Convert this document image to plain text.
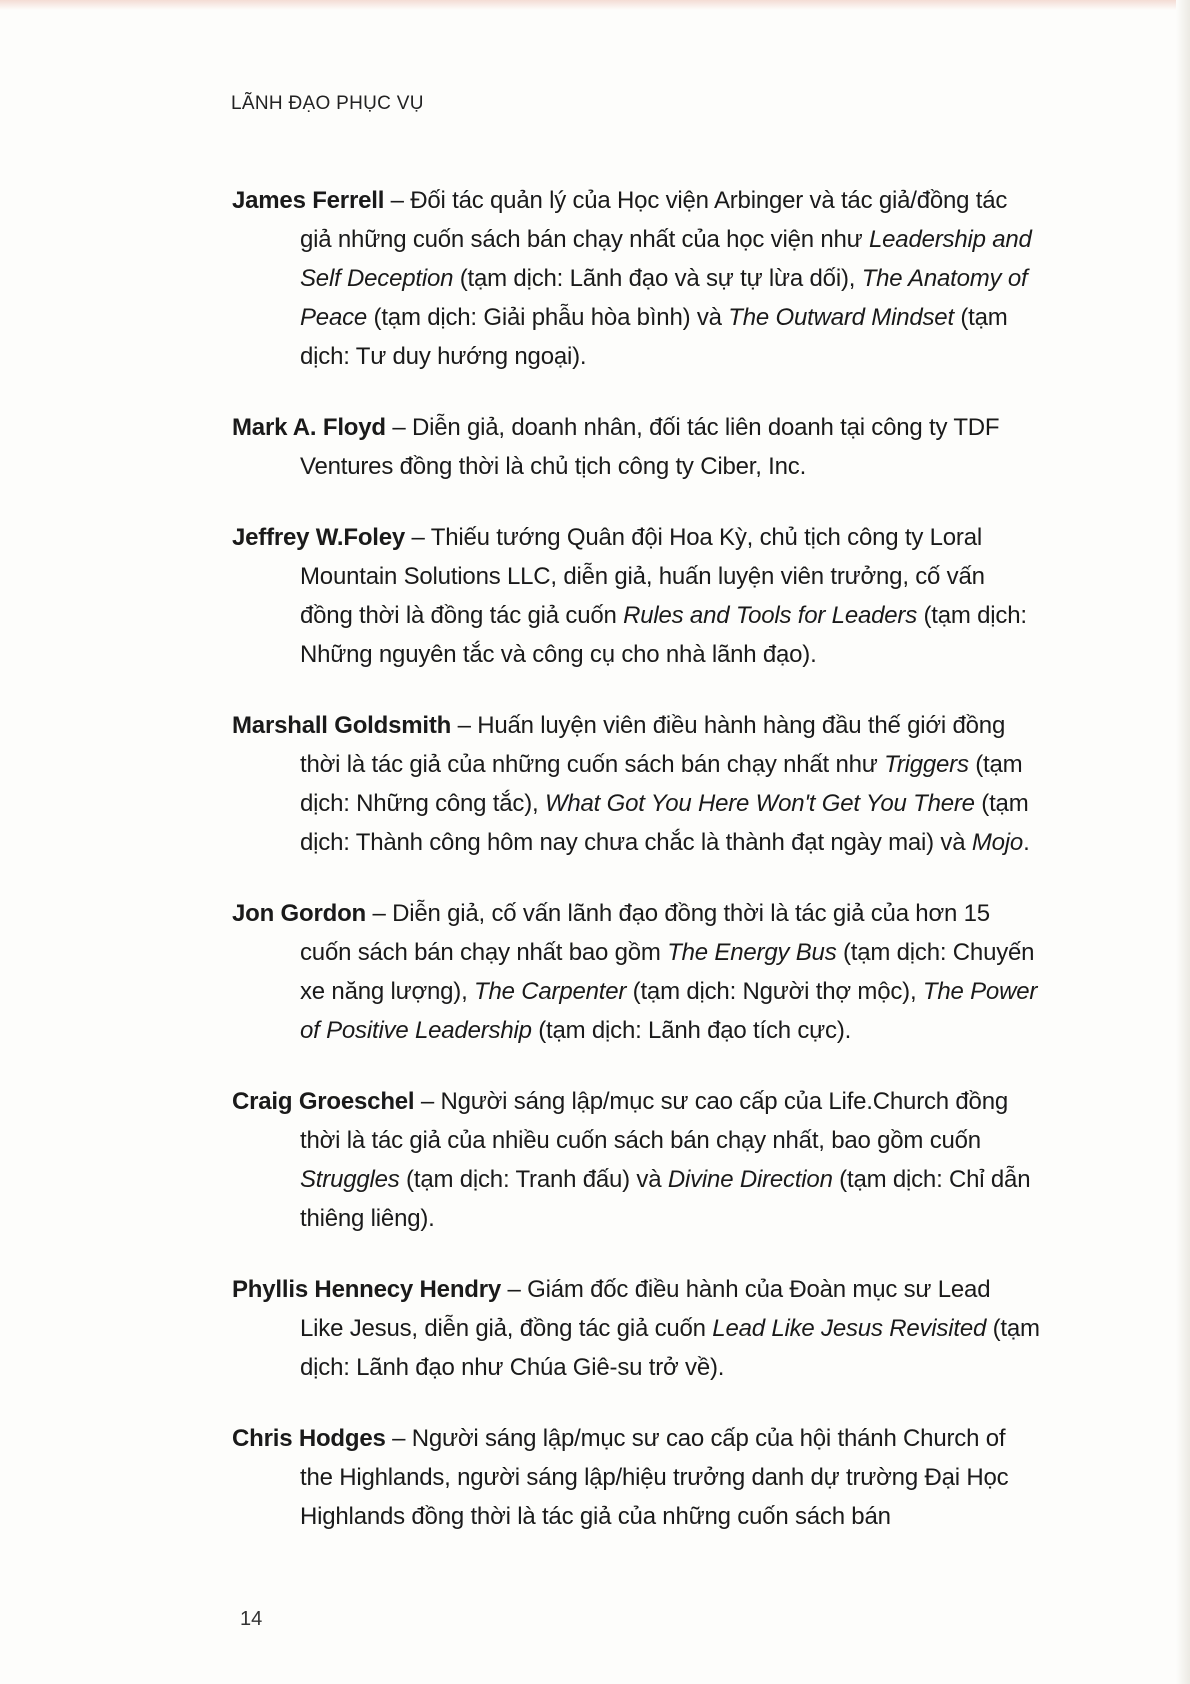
LÃNH ĐẠO PHỤC VỤ

James Ferrell – Đối tác quản lý của Học viện Arbinger và tác giả/đồng tác giả những cuốn sách bán chạy nhất của học viện như Leadership and Self Deception (tạm dịch: Lãnh đạo và sự tự lừa dối), The Anatomy of Peace (tạm dịch: Giải phẫu hòa bình) và The Outward Mindset (tạm dịch: Tư duy hướng ngoại).

Mark A. Floyd – Diễn giả, doanh nhân, đối tác liên doanh tại công ty TDF Ventures đồng thời là chủ tịch công ty Ciber, Inc.

Jeffrey W.Foley – Thiếu tướng Quân đội Hoa Kỳ, chủ tịch công ty Loral Mountain Solutions LLC, diễn giả, huấn luyện viên trưởng, cố vấn đồng thời là đồng tác giả cuốn Rules and Tools for Leaders (tạm dịch: Những nguyên tắc và công cụ cho nhà lãnh đạo).

Marshall Goldsmith – Huấn luyện viên điều hành hàng đầu thế giới đồng thời là tác giả của những cuốn sách bán chạy nhất như Triggers (tạm dịch: Những công tắc), What Got You Here Won't Get You There (tạm dịch: Thành công hôm nay chưa chắc là thành đạt ngày mai) và Mojo.

Jon Gordon – Diễn giả, cố vấn lãnh đạo đồng thời là tác giả của hơn 15 cuốn sách bán chạy nhất bao gồm The Energy Bus (tạm dịch: Chuyến xe năng lượng), The Carpenter (tạm dịch: Người thợ mộc), The Power of Positive Leadership (tạm dịch: Lãnh đạo tích cực).

Craig Groeschel – Người sáng lập/mục sư cao cấp của Life.Church đồng thời là tác giả của nhiều cuốn sách bán chạy nhất, bao gồm cuốn Struggles (tạm dịch: Tranh đấu) và Divine Direction (tạm dịch: Chỉ dẫn thiêng liêng).

Phyllis Hennecy Hendry – Giám đốc điều hành của Đoàn mục sư Lead Like Jesus, diễn giả, đồng tác giả cuốn Lead Like Jesus Revisited (tạm dịch: Lãnh đạo như Chúa Giê-su trở về).

Chris Hodges – Người sáng lập/mục sư cao cấp của hội thánh Church of the Highlands, người sáng lập/hiệu trưởng danh dự trường Đại Học Highlands đồng thời là tác giả của những cuốn sách bán

14
